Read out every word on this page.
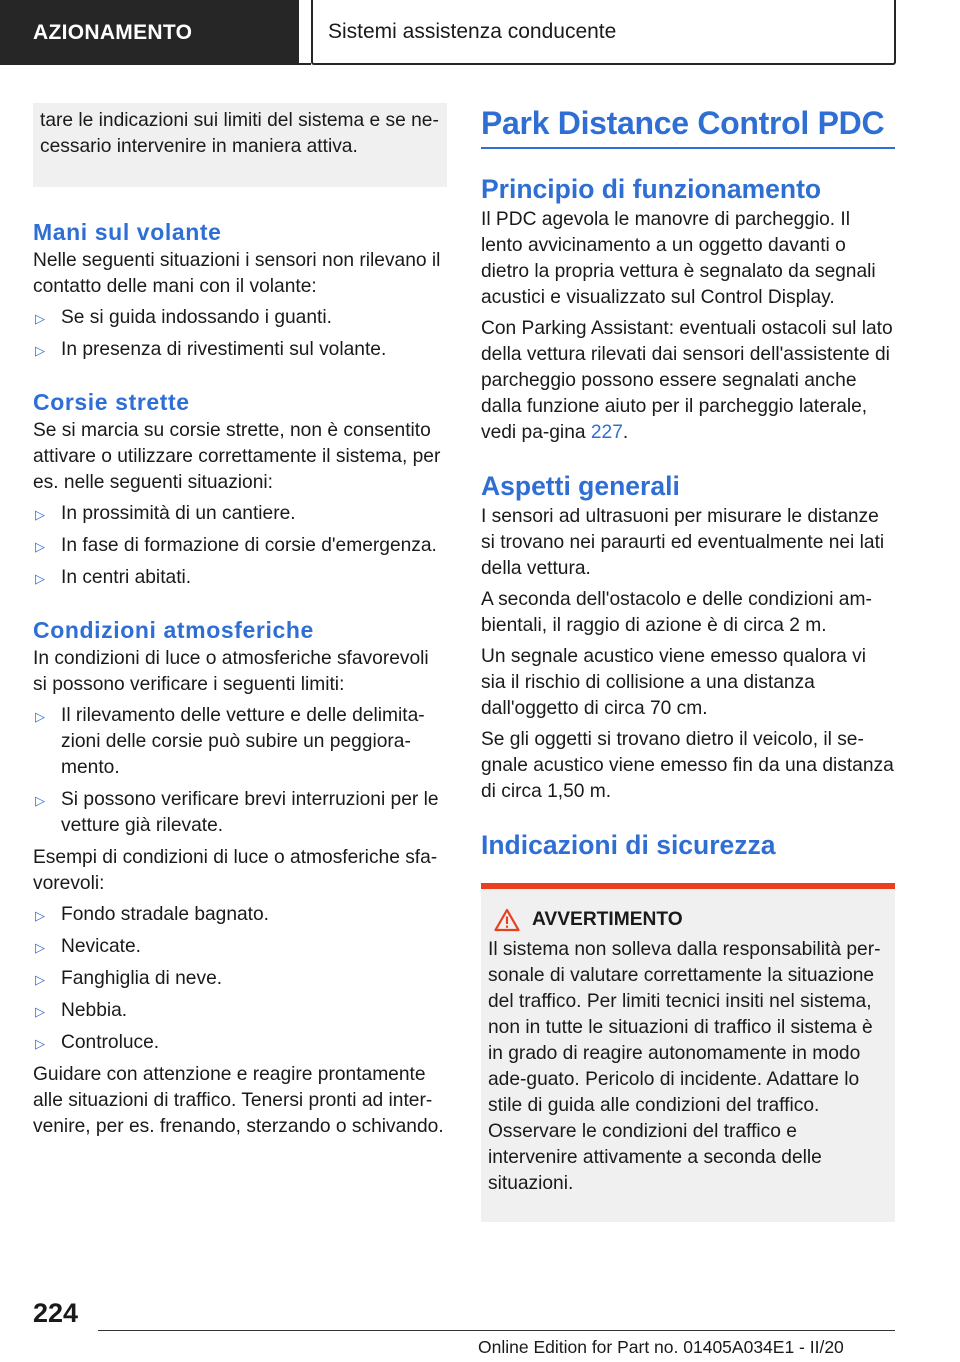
AZIONAMENTO	Sistemi assistenza conducente

tare le indicazioni sui limiti del sistema e se ne-cessario intervenire in maniera attiva.

Mani sul volante

Nelle seguenti situazioni i sensori non rilevano il contatto delle mani con il volante:

▷ Se si guida indossando i guanti.
▷ In presenza di rivestimenti sul volante.
Corsie strette

Se si marcia su corsie strette, non è consentito attivare o utilizzare correttamente il sistema, per es. nelle seguenti situazioni:

▷ In prossimità di un cantiere.
▷ In fase di formazione di corsie d'emergenza.
▷ In centri abitati.
Condizioni atmosferiche

In condizioni di luce o atmosferiche sfavorevoli si possono verificare i seguenti limiti:

▷ Il rilevamento delle vetture e delle delimita-zioni delle corsie può subire un peggiora-mento.
▷ Si possono verificare brevi interruzioni per le vetture già rilevate.

Esempi di condizioni di luce o atmosferiche sfa-vorevoli:

▷ Fondo stradale bagnato.
▷ Nevicate.
▷ Fanghiglia di neve.
▷ Nebbia.
▷ Controluce.

Guidare con attenzione e reagire prontamente alle situazioni di traffico. Tenersi pronti ad inter-venire, per es. frenando, sterzando o schivando.

Park Distance Control PDC
Principio di funzionamento

Il PDC agevola le manovre di parcheggio. Il lento avvicinamento a un oggetto davanti o dietro la propria vettura è segnalato da segnali acustici e visualizzato sul Control Display.

Con Parking Assistant: eventuali ostacoli sul lato della vettura rilevati dai sensori dell'assistente di parcheggio possono essere segnalati anche dalla funzione aiuto per il parcheggio laterale, vedi pa-gina 227.

Aspetti generali

I sensori ad ultrasuoni per misurare le distanze si trovano nei paraurti ed eventualmente nei lati della vettura.

A seconda dell'ostacolo e delle condizioni am-bientali, il raggio di azione è di circa 2 m.

Un segnale acustico viene emesso qualora vi sia il rischio di collisione a una distanza dall'oggetto di circa 70 cm.

Se gli oggetti si trovano dietro il veicolo, il se-gnale acustico viene emesso fin da una distanza di circa 1,50 m.

Indicazioni di sicurezza
AVVERTIMENTO

Il sistema non solleva dalla responsabilità per-sonale di valutare correttamente la situazione del traffico. Per limiti tecnici insiti nel sistema, non in tutte le situazioni di traffico il sistema è in grado di reagire autonomamente in modo ade-guato. Pericolo di incidente. Adattare lo stile di guida alle condizioni del traffico. Osservare le condizioni del traffico e intervenire attivamente a seconda delle situazioni.

224
Online Edition for Part no. 01405A034E1 - II/20
